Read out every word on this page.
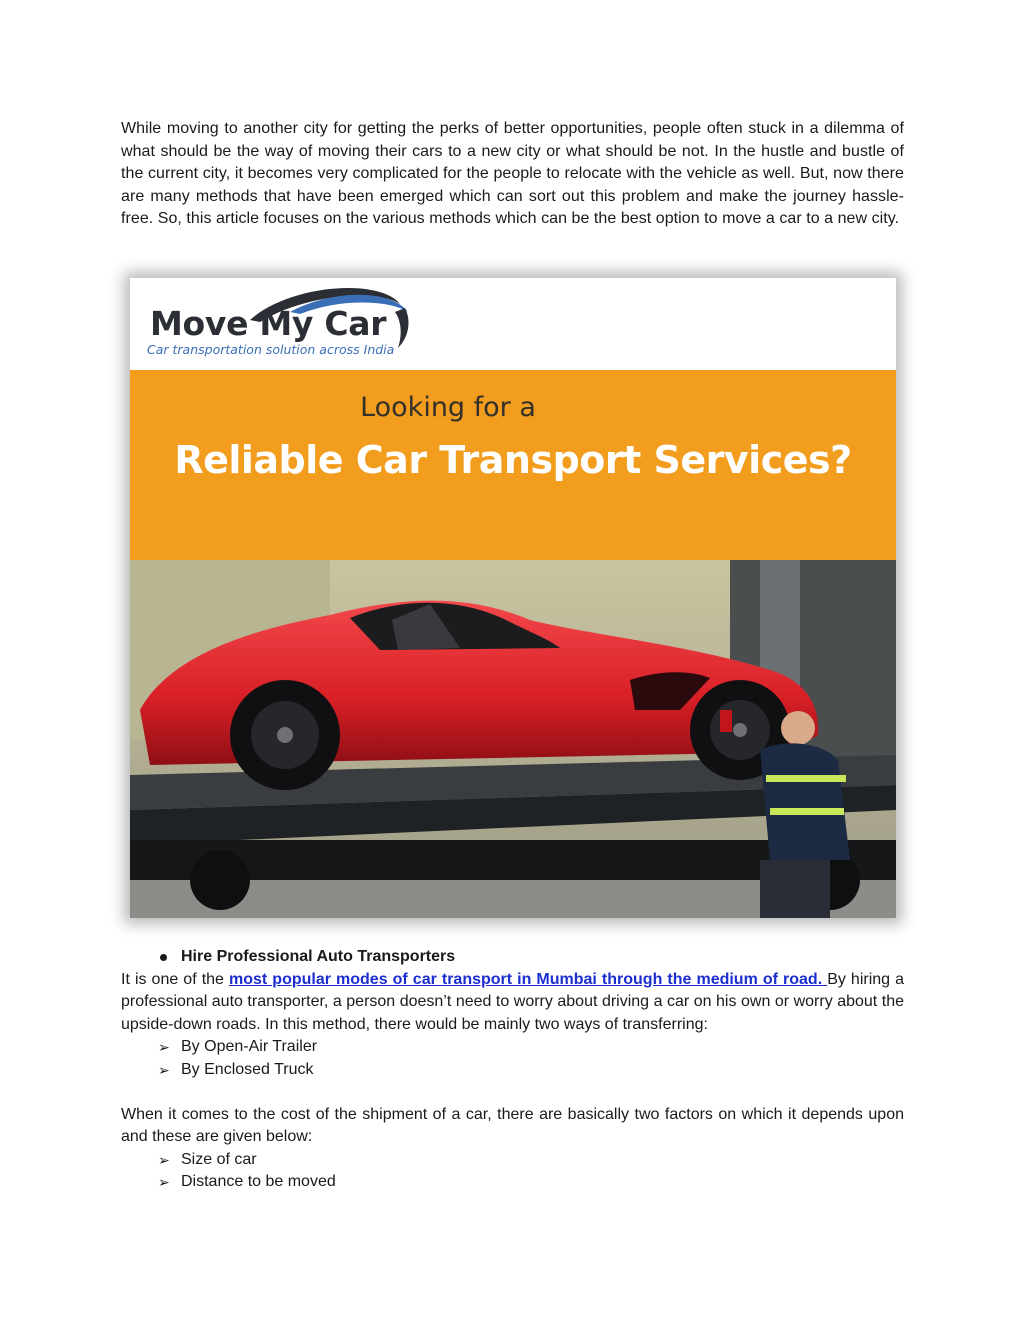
While moving to another city for getting the perks of better opportunities, people often stuck in a dilemma of what should be the way of moving their cars to a new city or what should be not. In the hustle and bustle of the current city, it becomes very complicated for the people to relocate with the vehicle as well. But, now there are many methods that have been emerged which can sort out this problem and make the journey hassle-free. So, this article focuses on the various methods which can be the best option to move a car to a new city.

Move My Car
Car transportation solution across India
Looking for a
Reliable Car Transport Services?
Hire Professional Auto Transporters

It is one of the most popular modes of car transport in Mumbai through the medium of road. By hiring a professional auto transporter, a person doesn’t need to worry about driving a car on his own or worry about the upside-down roads. In this method, there would be mainly two ways of transferring:

➢ By Open-Air Trailer
➢ By Enclosed Truck

When it comes to the cost of the shipment of a car, there are basically two factors on which it depends upon and these are given below:

➢ Size of car
➢ Distance to be moved
